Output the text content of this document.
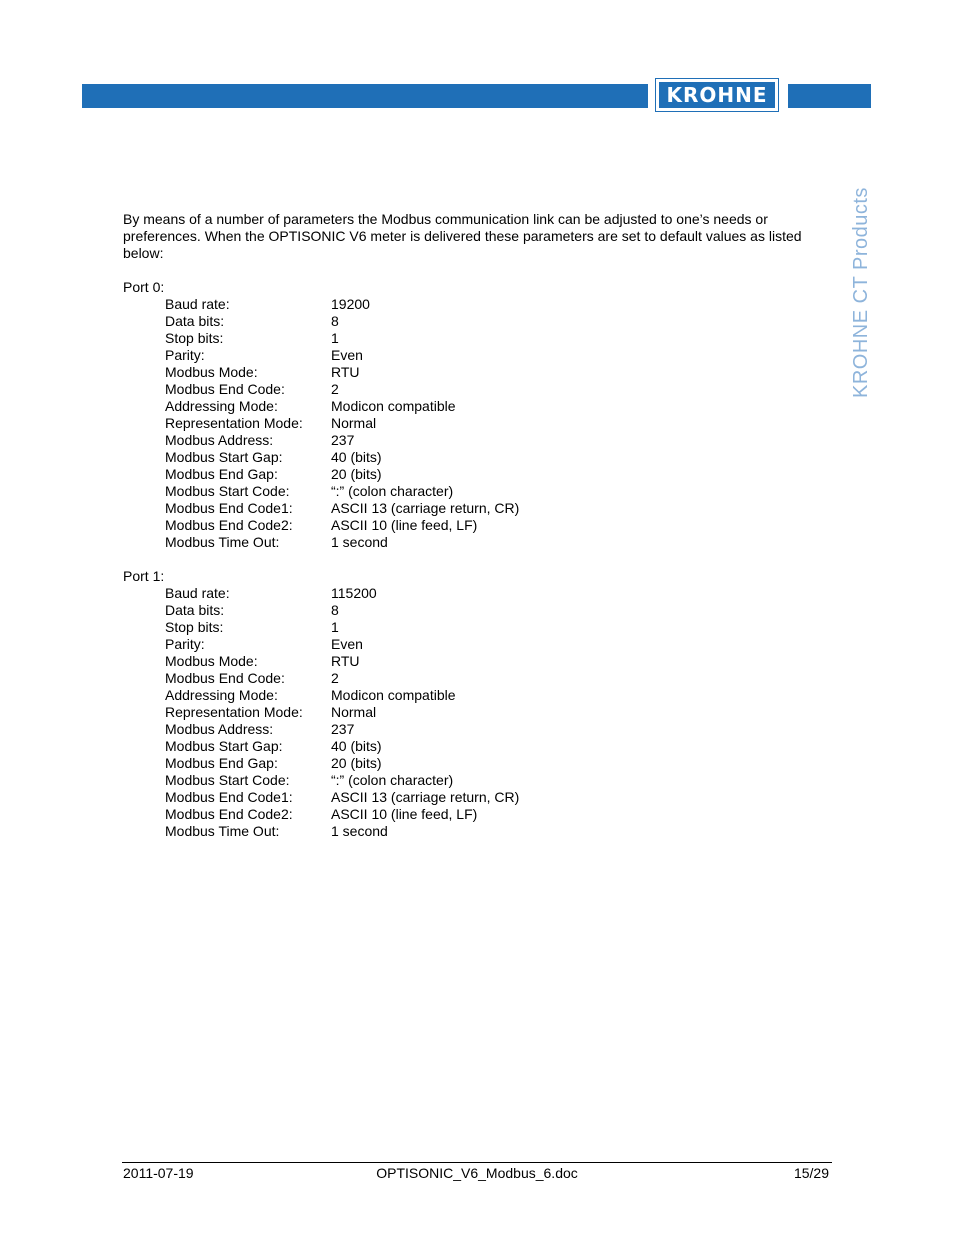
KROHNE
KROHNE CT Products

By means of a number of parameters the Modbus communication link can be adjusted to one’s needs or preferences. When the OPTISONIC V6 meter is delivered these parameters are set to default values as listed below:

Port 0:

Baud rate:	19200
Data bits:	8
Stop bits:	1
Parity:	Even
Modbus Mode:	RTU
Modbus End Code:	2
Addressing Mode:	Modicon compatible
Representation Mode:	Normal
Modbus Address:	237
Modbus Start Gap:	40 (bits)
Modbus End Gap:	20 (bits)
Modbus Start Code:	“:” (colon character)
Modbus End Code1:	ASCII 13 (carriage return, CR)
Modbus End Code2:	ASCII 10 (line feed, LF)
Modbus Time Out:	1 second

Port 1:

Baud rate:	115200
Data bits:	8
Stop bits:	1
Parity:	Even
Modbus Mode:	RTU
Modbus End Code:	2
Addressing Mode:	Modicon compatible
Representation Mode:	Normal
Modbus Address:	237
Modbus Start Gap:	40 (bits)
Modbus End Gap:	20 (bits)
Modbus Start Code:	“:” (colon character)
Modbus End Code1:	ASCII 13 (carriage return, CR)
Modbus End Code2:	ASCII 10 (line feed, LF)
Modbus Time Out:	1 second
2011-07-19	OPTISONIC_V6_Modbus_6.doc	15/29
